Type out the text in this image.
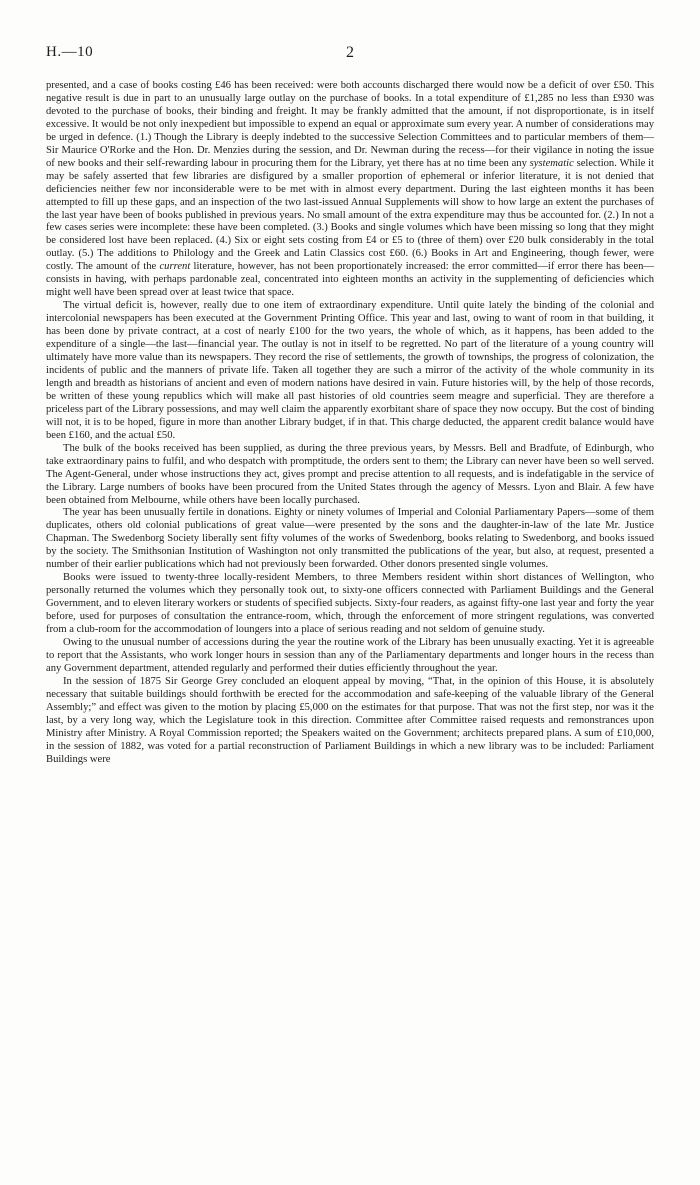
H.—10	2

presented, and a case of books costing £46 has been received: were both accounts discharged there would now be a deficit of over £50. This negative result is due in part to an unusually large outlay on the purchase of books. In a total expenditure of £1,285 no less than £930 was devoted to the purchase of books, their binding and freight. It may be frankly admitted that the amount, if not disproportionate, is in itself excessive. It would be not only inexpedient but impossible to expend an equal or approximate sum every year. A number of considerations may be urged in defence. (1.) Though the Library is deeply indebted to the successive Selection Committees and to particular members of them—Sir Maurice O'Rorke and the Hon. Dr. Menzies during the session, and Dr. Newman during the recess—for their vigilance in noting the issue of new books and their self-rewarding labour in procuring them for the Library, yet there has at no time been any systematic selection. While it may be safely asserted that few libraries are disfigured by a smaller proportion of ephemeral or inferior literature, it is not denied that deficiencies neither few nor inconsiderable were to be met with in almost every department. During the last eighteen months it has been attempted to fill up these gaps, and an inspection of the two last-issued Annual Supplements will show to how large an extent the purchases of the last year have been of books published in previous years. No small amount of the extra expenditure may thus be accounted for. (2.) In not a few cases series were incomplete: these have been completed. (3.) Books and single volumes which have been missing so long that they might be considered lost have been replaced. (4.) Six or eight sets costing from £4 or £5 to (three of them) over £20 bulk considerably in the total outlay. (5.) The additions to Philology and the Greek and Latin Classics cost £60. (6.) Books in Art and Engineering, though fewer, were costly. The amount of the current literature, however, has not been proportionately increased: the error committed—if error there has been—consists in having, with perhaps pardonable zeal, concentrated into eighteen months an activity in the supplementing of deficiencies which might well have been spread over at least twice that space.

The virtual deficit is, however, really due to one item of extraordinary expenditure. Until quite lately the binding of the colonial and intercolonial newspapers has been executed at the Government Printing Office. This year and last, owing to want of room in that building, it has been done by private contract, at a cost of nearly £100 for the two years, the whole of which, as it happens, has been added to the expenditure of a single—the last—financial year. The outlay is not in itself to be regretted. No part of the literature of a young country will ultimately have more value than its newspapers. They record the rise of settlements, the growth of townships, the progress of colonization, the incidents of public and the manners of private life. Taken all together they are such a mirror of the activity of the whole community in its length and breadth as historians of ancient and even of modern nations have desired in vain. Future histories will, by the help of those records, be written of these young republics which will make all past histories of old countries seem meagre and superficial. They are therefore a priceless part of the Library possessions, and may well claim the apparently exorbitant share of space they now occupy. But the cost of binding will not, it is to be hoped, figure in more than another Library budget, if in that. This charge deducted, the apparent credit balance would have been £160, and the actual £50.

The bulk of the books received has been supplied, as during the three previous years, by Messrs. Bell and Bradfute, of Edinburgh, who take extraordinary pains to fulfil, and who despatch with promptitude, the orders sent to them; the Library can never have been so well served. The Agent-General, under whose instructions they act, gives prompt and precise attention to all requests, and is indefatigable in the service of the Library. Large numbers of books have been procured from the United States through the agency of Messrs. Lyon and Blair. A few have been obtained from Melbourne, while others have been locally purchased.

The year has been unusually fertile in donations. Eighty or ninety volumes of Imperial and Colonial Parliamentary Papers—some of them duplicates, others old colonial publications of great value—were presented by the sons and the daughter-in-law of the late Mr. Justice Chapman. The Swedenborg Society liberally sent fifty volumes of the works of Swedenborg, books relating to Swedenborg, and books issued by the society. The Smithsonian Institution of Washington not only transmitted the publications of the year, but also, at request, presented a number of their earlier publications which had not previously been forwarded. Other donors presented single volumes.

Books were issued to twenty-three locally-resident Members, to three Members resident within short distances of Wellington, who personally returned the volumes which they personally took out, to sixty-one officers connected with Parliament Buildings and the General Government, and to eleven literary workers or students of specified subjects. Sixty-four readers, as against fifty-one last year and forty the year before, used for purposes of consultation the entrance-room, which, through the enforcement of more stringent regulations, was converted from a club-room for the accommodation of loungers into a place of serious reading and not seldom of genuine study.

Owing to the unusual number of accessions during the year the routine work of the Library has been unusually exacting. Yet it is agreeable to report that the Assistants, who work longer hours in session than any of the Parliamentary departments and longer hours in the recess than any Government department, attended regularly and performed their duties efficiently throughout the year.

In the session of 1875 Sir George Grey concluded an eloquent appeal by moving, “That, in the opinion of this House, it is absolutely necessary that suitable buildings should forthwith be erected for the accommodation and safe-keeping of the valuable library of the General Assembly;” and effect was given to the motion by placing £5,000 on the estimates for that purpose. That was not the first step, nor was it the last, by a very long way, which the Legislature took in this direction. Committee after Committee raised requests and remonstrances upon Ministry after Ministry. A Royal Commission reported; the Speakers waited on the Government; architects prepared plans. A sum of £10,000, in the session of 1882, was voted for a partial reconstruction of Parliament Buildings in which a new library was to be included: Parliament Buildings were
